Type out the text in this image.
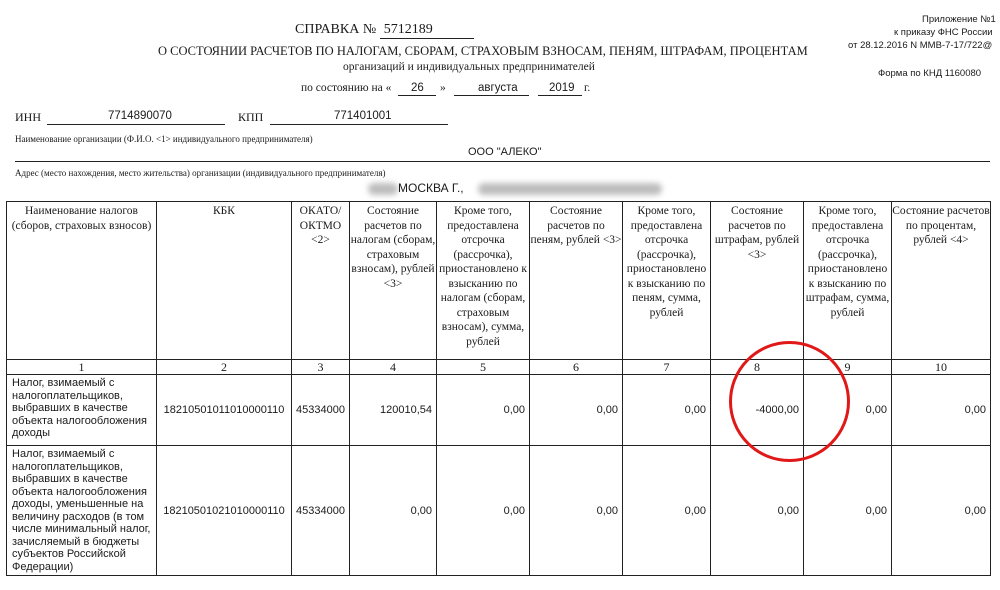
Приложение №1
к приказу ФНС России
от 28.12.2016 N ММВ-7-17/722@
Форма по КНД 1160080
СПРАВКА № 5712189
О СОСТОЯНИИ РАСЧЕТОВ ПО НАЛОГАМ, СБОРАМ, СТРАХОВЫМ ВЗНОСАМ, ПЕНЯМ, ШТРАФАМ, ПРОЦЕНТАМ
организаций и индивидуальных предпринимателей
по состоянию на « 26 »	августа	2019 г.
ИНН	7714890070	КПП	771401001
Наименование организации (Ф.И.О. <1> индивидуального предпринимателя)
ООО "АЛЕКО"
Адрес (место нахождения, место жительства) организации (индивидуального предпринимателя)
МОСКВА Г.,
Наименование налогов (сборов, страховых взносов)	КБК	ОКАТО/ ОКТМО <2>	Состояние расчетов по налогам (сборам, страховым взносам), рублей <3>	Кроме того, предоставлена отсрочка (рассрочка), приостановлено к взысканию по налогам (сборам, страховым взносам), сумма, рублей	Состояние расчетов по пеням, рублей <3>	Кроме того, предоставлена отсрочка (рассрочка), приостановлено к взысканию по пеням, сумма, рублей	Состояние расчетов по штрафам, рублей <3>	Кроме того, предоставлена отсрочка (рассрочка), приостановлено к взысканию по штрафам, сумма, рублей	Состояние расчетов по процентам, рублей <4>
1	2	3	4	5	6	7	8	9	10
Налог, взимаемый с налогоплательщиков, выбравших в качестве объекта налогообложения доходы	18210501011010000110	45334000	120010,54	0,00	0,00	0,00	-4000,00	0,00	0,00
Налог, взимаемый с налогоплательщиков, выбравших в качестве объекта налогообложения доходы, уменьшенные на величину расходов (в том числе минимальный налог, зачисляемый в бюджеты субъектов Российской Федерации)	18210501021010000110	45334000	0,00	0,00	0,00	0,00	0,00	0,00	0,00
